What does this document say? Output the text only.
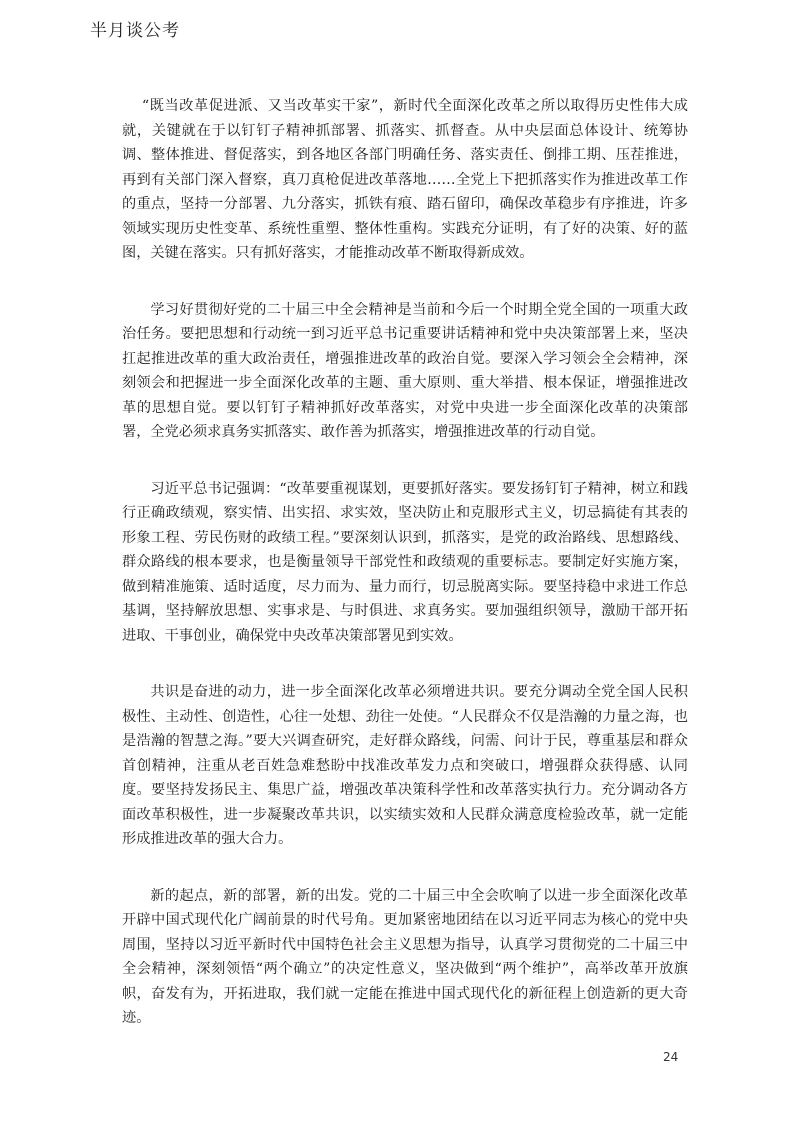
半月谈公考

“既当改革促进派、又当改革实干家”，新时代全面深化改革之所以取得历史性伟大成就，关键就在于以钉钉子精神抓部署、抓落实、抓督查。从中央层面总体设计、统筹协调、整体推进、督促落实，到各地区各部门明确任务、落实责任、倒排工期、压茬推进，再到有关部门深入督察，真刀真枪促进改革落地……全党上下把抓落实作为推进改革工作的重点，坚持一分部署、九分落实，抓铁有痕、踏石留印，确保改革稳步有序推进，许多领域实现历史性变革、系统性重塑、整体性重构。实践充分证明，有了好的决策、好的蓝图，关键在落实。只有抓好落实，才能推动改革不断取得新成效。

学习好贯彻好党的二十届三中全会精神是当前和今后一个时期全党全国的一项重大政治任务。要把思想和行动统一到习近平总书记重要讲话精神和党中央决策部署上来，坚决扛起推进改革的重大政治责任，增强推进改革的政治自觉。要深入学习领会全会精神，深刻领会和把握进一步全面深化改革的主题、重大原则、重大举措、根本保证，增强推进改革的思想自觉。要以钉钉子精神抓好改革落实，对党中央进一步全面深化改革的决策部署，全党必须求真务实抓落实、敢作善为抓落实，增强推进改革的行动自觉。

习近平总书记强调：“改革要重视谋划，更要抓好落实。要发扬钉钉子精神，树立和践行正确政绩观，察实情、出实招、求实效，坚决防止和克服形式主义，切忌搞徒有其表的形象工程、劳民伤财的政绩工程。”要深刻认识到，抓落实，是党的政治路线、思想路线、群众路线的根本要求，也是衡量领导干部党性和政绩观的重要标志。要制定好实施方案，做到精准施策、适时适度，尽力而为、量力而行，切忌脱离实际。要坚持稳中求进工作总基调，坚持解放思想、实事求是、与时俱进、求真务实。要加强组织领导，激励干部开拓进取、干事创业，确保党中央改革决策部署见到实效。

共识是奋进的动力，进一步全面深化改革必须增进共识。要充分调动全党全国人民积极性、主动性、创造性，心往一处想、劲往一处使。“人民群众不仅是浩瀚的力量之海，也是浩瀚的智慧之海。”要大兴调查研究，走好群众路线，问需、问计于民，尊重基层和群众首创精神，注重从老百姓急难愁盼中找准改革发力点和突破口，增强群众获得感、认同度。要坚持发扬民主、集思广益，增强改革决策科学性和改革落实执行力。充分调动各方面改革积极性，进一步凝聚改革共识，以实绩实效和人民群众满意度检验改革，就一定能形成推进改革的强大合力。

新的起点，新的部署，新的出发。党的二十届三中全会吹响了以进一步全面深化改革开辟中国式现代化广阔前景的时代号角。更加紧密地团结在以习近平同志为核心的党中央周围，坚持以习近平新时代中国特色社会主义思想为指导，认真学习贯彻党的二十届三中全会精神，深刻领悟“两个确立”的决定性意义，坚决做到“两个维护”，高举改革开放旗帜，奋发有为，开拓进取，我们就一定能在推进中国式现代化的新征程上创造新的更大奇迹。

24
